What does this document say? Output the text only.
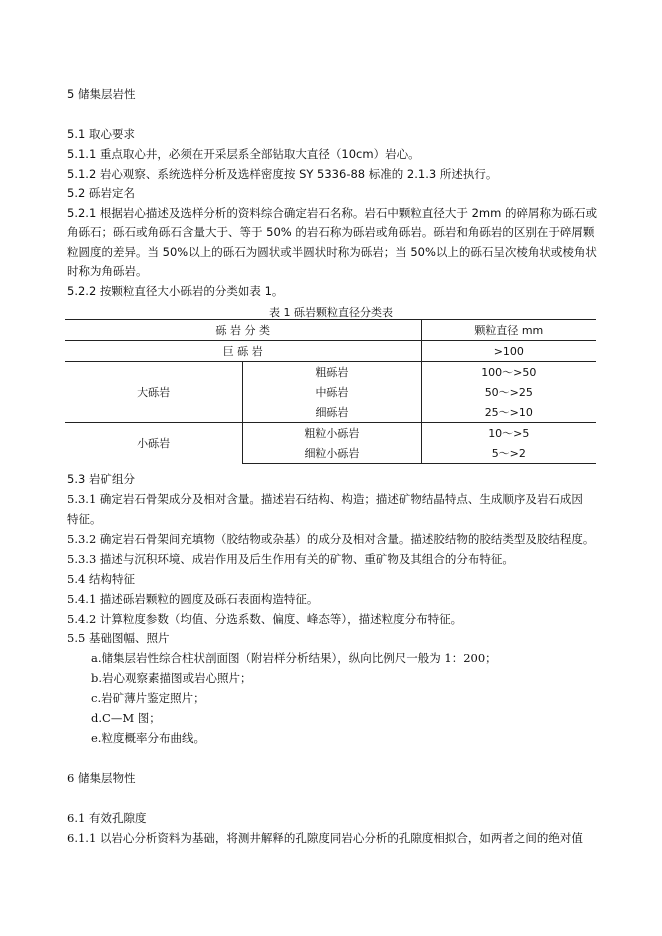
5 储集层岩性
5.1 取心要求
5.1.1 重点取心井，必须在开采层系全部钻取大直径（10cm）岩心。
5.1.2 岩心观察、系统选样分析及选样密度按 SY 5336-88 标准的 2.1.3 所述执行。
5.2 砾岩定名
5.2.1 根据岩心描述及选样分析的资料综合确定岩石名称。岩石中颗粒直径大于 2mm 的碎屑称为砾石或
角砾石；砾石或角砾石含量大于、等于 50% 的岩石称为砾岩或角砾岩。砾岩和角砾岩的区别在于碎屑颗
粒圆度的差异。当 50%以上的砾石为圆状或半圆状时称为砾岩；当 50%以上的砾石呈次棱角状或棱角状
时称为角砾岩。
5.2.2 按颗粒直径大小砾岩的分类如表 1。
表 1 砾岩颗粒直径分类表
砾 岩 分 类		颗粒直径 mm
巨 砾 岩		>100
大砾岩	粗砾岩	100～>50
	中砾岩	50～>25
	细砾岩	25～>10
小砾岩	粗粒小砾岩	10～>5
	细粒小砾岩	5～>2
5.3 岩矿组分
5.3.1 确定岩石骨架成分及相对含量。描述岩石结构、构造；描述矿物结晶特点、生成顺序及岩石成因
特征。
5.3.2 确定岩石骨架间充填物（胶结物或杂基）的成分及相对含量。描述胶结物的胶结类型及胶结程度。
5.3.3 描述与沉积环境、成岩作用及后生作用有关的矿物、重矿物及其组合的分布特征。
5.4 结构特征
5.4.1 描述砾岩颗粒的圆度及砾石表面构造特征。
5.4.2 计算粒度参数（均值、分选系数、偏度、峰态等），描述粒度分布特征。
5.5 基础图幅、照片
a.储集层岩性综合柱状剖面图（附岩样分析结果），纵向比例尺一般为 1：200；
b.岩心观察素描图或岩心照片；
c.岩矿薄片鉴定照片；
d.C—M 图；
e.粒度概率分布曲线。
6 储集层物性
6.1 有效孔隙度
6.1.1 以岩心分析资料为基础，将测井解释的孔隙度同岩心分析的孔隙度相拟合，如两者之间的绝对值
